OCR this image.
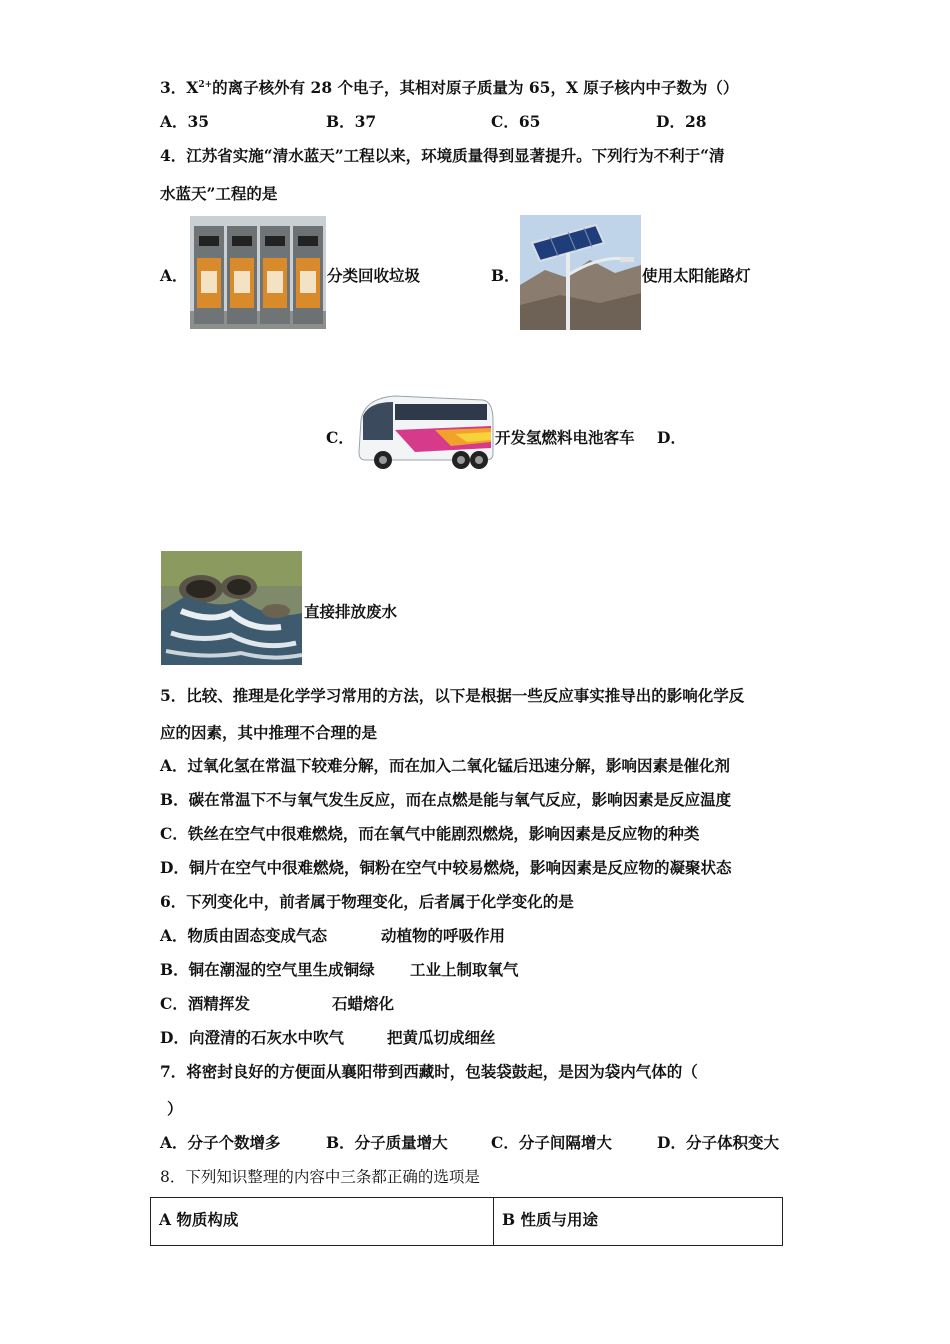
3．$X^{2+}$的离子核外有 28 个电子，其相对原子质量为 65，X 原子核内中子数为（）
A．35	B．37	C．65	D．28
4．江苏省实施“清水蓝天”工程以来，环境质量得到显著提升。下列行为不利于“清
水蓝天”工程的是
A．	分类回收垃圾	B．	使用太阳能路灯
C．	开发氢燃料电池客车 D．
直接排放废水
5．比较、推理是化学学习常用的方法，以下是根据一些反应事实推导出的影响化学反
应的因素，其中推理不合理的是
A．过氧化氢在常温下较难分解，而在加入二氧化锰后迅速分解，影响因素是催化剂
B．碳在常温下不与氧气发生反应，而在点燃是能与氧气反应，影响因素是反应温度
C．铁丝在空气中很难燃烧，而在氧气中能剧烈燃烧，影响因素是反应物的种类
D．铜片在空气中很难燃烧，铜粉在空气中较易燃烧，影响因素是反应物的凝聚状态
6．下列变化中，前者属于物理变化，后者属于化学变化的是
A．物质由固态变成气态	动植物的呼吸作用
B．铜在潮湿的空气里生成铜绿 工业上制取氧气
C．酒精挥发	石蜡熔化
D．向澄清的石灰水中吹气	把黄瓜切成细丝
7．将密封良好的方便面从襄阳带到西藏时，包装袋鼓起，是因为袋内气体的（
）
A．分子个数增多	B．分子质量增大	C．分子间隔增大	D．分子体积变大
8．下列知识整理的内容中三条都正确的选项是
A 物质构成	B 性质与用途
